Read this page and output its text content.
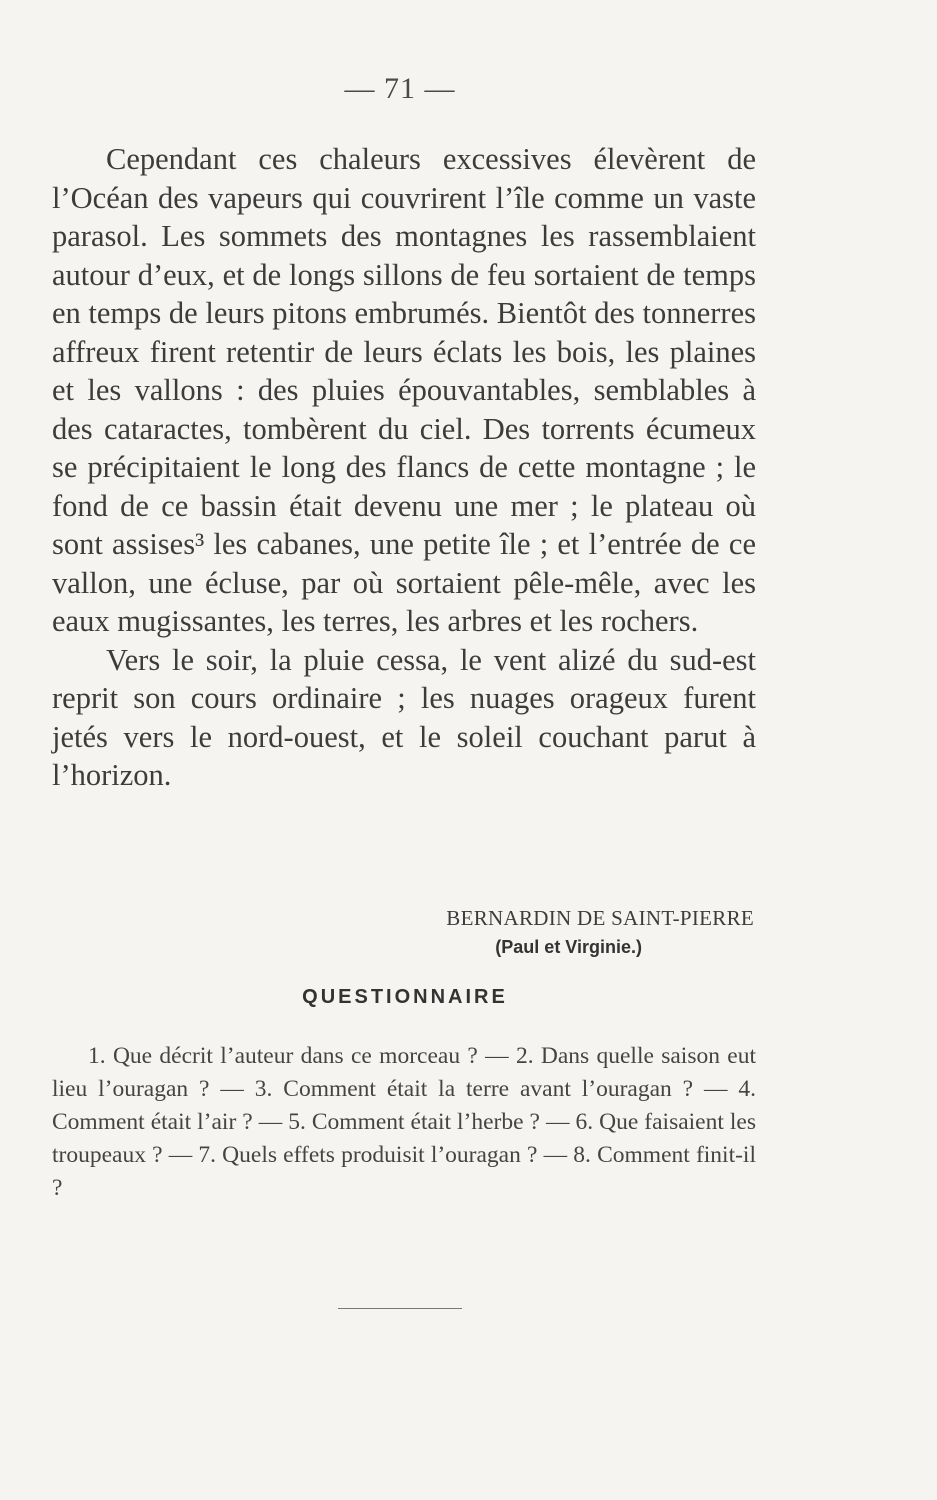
— 71 —

Cependant ces chaleurs excessives élevèrent de l’Océan des vapeurs qui couvrirent l’île comme un vaste parasol. Les sommets des montagnes les rassemblaient autour d’eux, et de longs sillons de feu sortaient de temps en temps de leurs pitons embrumés. Bientôt des tonnerres affreux firent retentir de leurs éclats les bois, les plaines et les vallons : des pluies épouvantables, semblables à des cataractes, tombèrent du ciel. Des torrents écumeux se précipitaient le long des flancs de cette montagne ; le fond de ce bassin était devenu une mer ; le plateau où sont assises³ les cabanes, une petite île ; et l’entrée de ce vallon, une écluse, par où sortaient pêle-mêle, avec les eaux mugissantes, les terres, les arbres et les rochers.

Vers le soir, la pluie cessa, le vent alizé du sud-est reprit son cours ordinaire ; les nuages orageux furent jetés vers le nord-ouest, et le soleil couchant parut à l’horizon.

BERNARDIN DE SAINT-PIERRE
(Paul et Virginie.)
QUESTIONNAIRE

1. Que décrit l’auteur dans ce morceau ? — 2. Dans quelle saison eut lieu l’ouragan ? — 3. Comment était la terre avant l’ouragan ? — 4. Comment était l’air ? — 5. Comment était l’herbe ? — 6. Que faisaient les troupeaux ? — 7. Quels effets produisit l’ouragan ? — 8. Comment finit-il ?
